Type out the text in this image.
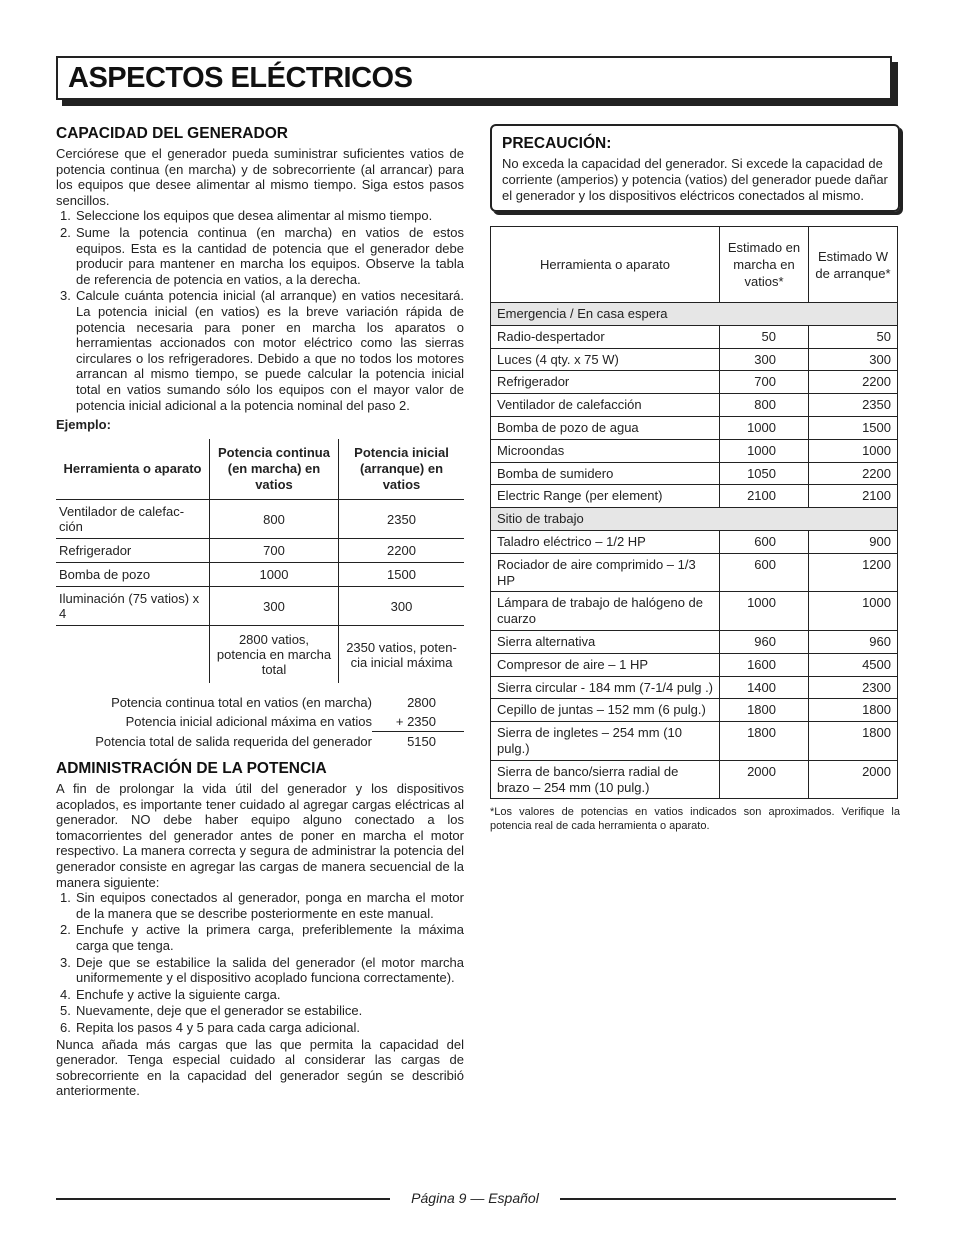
ASPECTOS ELÉCTRICOS
CAPACIDAD DEL GENERADOR

Cerciórese que el generador pueda suministrar suficientes vatios de potencia continua (en marcha) y de sobrecorriente (al arrancar) para los equipos que desee alimentar al mismo tiempo. Siga estos pasos sencillos.

1. Seleccione los equipos que desea alimentar al mismo tiempo.
2. Sume la potencia continua (en marcha) en vatios de estos equipos. Esta es la cantidad de potencia que el generador debe producir para mantener en marcha los equipos. Observe la tabla de referencia de potencia en vatios, a la derecha.
3. Calcule cuánta potencia inicial (al arranque) en vatios necesitará. La potencia inicial (en vatios) es la breve variación rápida de potencia necesaria para poner en marcha los aparatos o herramientas accionados con motor eléctrico como las sierras circulares o los refrigeradores. Debido a que no todos los motores arrancan al mismo tiempo, se puede calcular la potencia inicial total en vatios sumando sólo los equipos con el mayor valor de potencia inicial adicional a la potencia nominal del paso 2.
Ejemplo:
Herramienta o aparato	Potencia continua (en marcha) en vatios	Potencia inicial (arranque) en vatios
Ventilador de calefac-ción	800	2350
Refrigerador	700	2200
Bomba de pozo	1000	1500
Iluminación (75 vatios) x 4	300	300
	2800 vatios, potencia en marcha total	2350 vatios, poten-cia inicial máxima
Potencia continua total en vatios (en marcha)	2800
Potencia inicial adicional máxima en vatios	+ 2350
Potencia total de salida requerida del generador	5150
ADMINISTRACIÓN DE LA POTENCIA

A fin de prolongar la vida útil del generador y los dispositivos acoplados, es importante tener cuidado al agregar cargas eléctricas al generador. NO debe haber equipo alguno conectado a los tomacorrientes del generador antes de poner en marcha el motor respectivo. La manera correcta y segura de administrar la potencia del generador consiste en agregar las cargas de manera secuencial de la manera siguiente:

1. Sin equipos conectados al generador, ponga en marcha el motor de la manera que se describe posteriormente en este manual.
2. Enchufe y active la primera carga, preferiblemente la máxima carga que tenga.
3. Deje que se estabilice la salida del generador (el motor marcha uniformemente y el dispositivo acoplado funciona correctamente).
4. Enchufe y active la siguiente carga.
5. Nuevamente, deje que el generador se estabilice.
6. Repita los pasos 4 y 5 para cada carga adicional.

Nunca añada más cargas que las que permita la capacidad del generador. Tenga especial cuidado al considerar las cargas de sobrecorriente en la capacidad del generador según se describió anteriormente.

PRECAUCIÓN:

No exceda la capacidad del generador. Si excede la capacidad de corriente (amperios) y potencia (vatios) del generador puede dañar el generador y los dispositivos eléctricos conectados al mismo.

Herramienta o aparato	Estimado en marcha en vatios*	Estimado W de arranque*
Emergencia / En casa espera		
Radio-despertador	50	50
Luces (4 qty. x 75 W)	300	300
Refrigerador	700	2200
Ventilador de calefacción	800	2350
Bomba de pozo de agua	1000	1500
Microondas	1000	1000
Bomba de sumidero	1050	2200
Electric Range (per element)	2100	2100
Sitio de trabajo		
Taladro eléctrico – 1/2 HP	600	900
Rociador de aire comprimido – 1/3 HP	600	1200
Lámpara de trabajo de halógeno de cuarzo	1000	1000
Sierra alternativa	960	960
Compresor de aire – 1 HP	1600	4500
Sierra circular - 184 mm (7-1/4 pulg .)	1400	2300
Cepillo de juntas – 152 mm (6 pulg.)	1800	1800
Sierra de ingletes – 254 mm (10 pulg.)	1800	1800
Sierra de banco/sierra radial de brazo – 254 mm (10 pulg.)	2000	2000
*Los valores de potencias en vatios indicados son aproximados. Verifique la potencia real de cada herramienta o aparato.
Página 9 — Español
